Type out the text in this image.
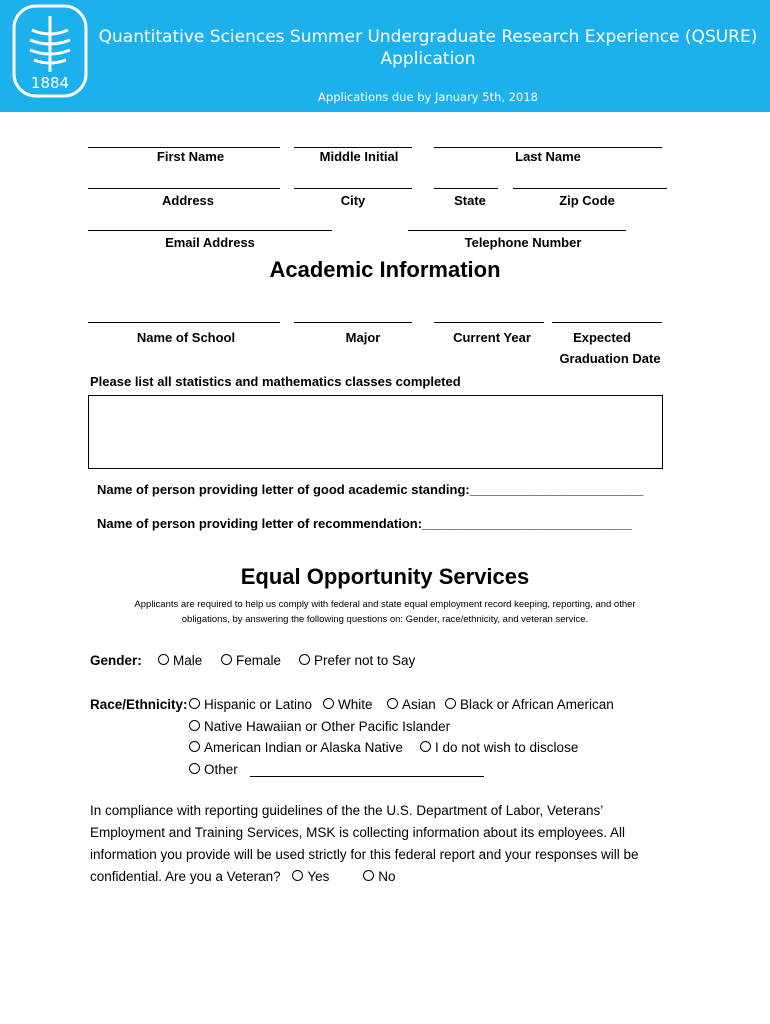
1884
Quantitative Sciences Summer Undergraduate Research Experience (QSURE)
Application
Applications due by January 5th, 2018
First Name	Middle Initial	Last Name
Address	City	State	Zip Code
Email Address	Telephone Number
Academic Information
Name of School	Major	Current Year	Expected
Graduation Date
Please list all statistics and mathematics classes completed
Name of person providing letter of good academic standing:________________________
Name of person providing letter of recommendation:_____________________________
Equal Opportunity Services
Applicants are required to help us comply with federal and state equal employment record keeping, reporting, and other
obligations, by answering the following questions on: Gender, race/ethnicity, and veteran service.
Gender:	Male	Female	Prefer not to Say
Race/Ethnicity:	Hispanic or Latino	White	Asian	Black or African American
Native Hawaiian or Other Pacific Islander
American Indian or Alaska Native	I do not wish to disclose
Other
In compliance with reporting guidelines of the the U.S. Department of Labor, Veterans’ Employment and Training Services, MSK is collecting information about its employees. All information you provide will be used strictly for this federal report and your responses will be confidential. Are you a Veteran? Yes	No
